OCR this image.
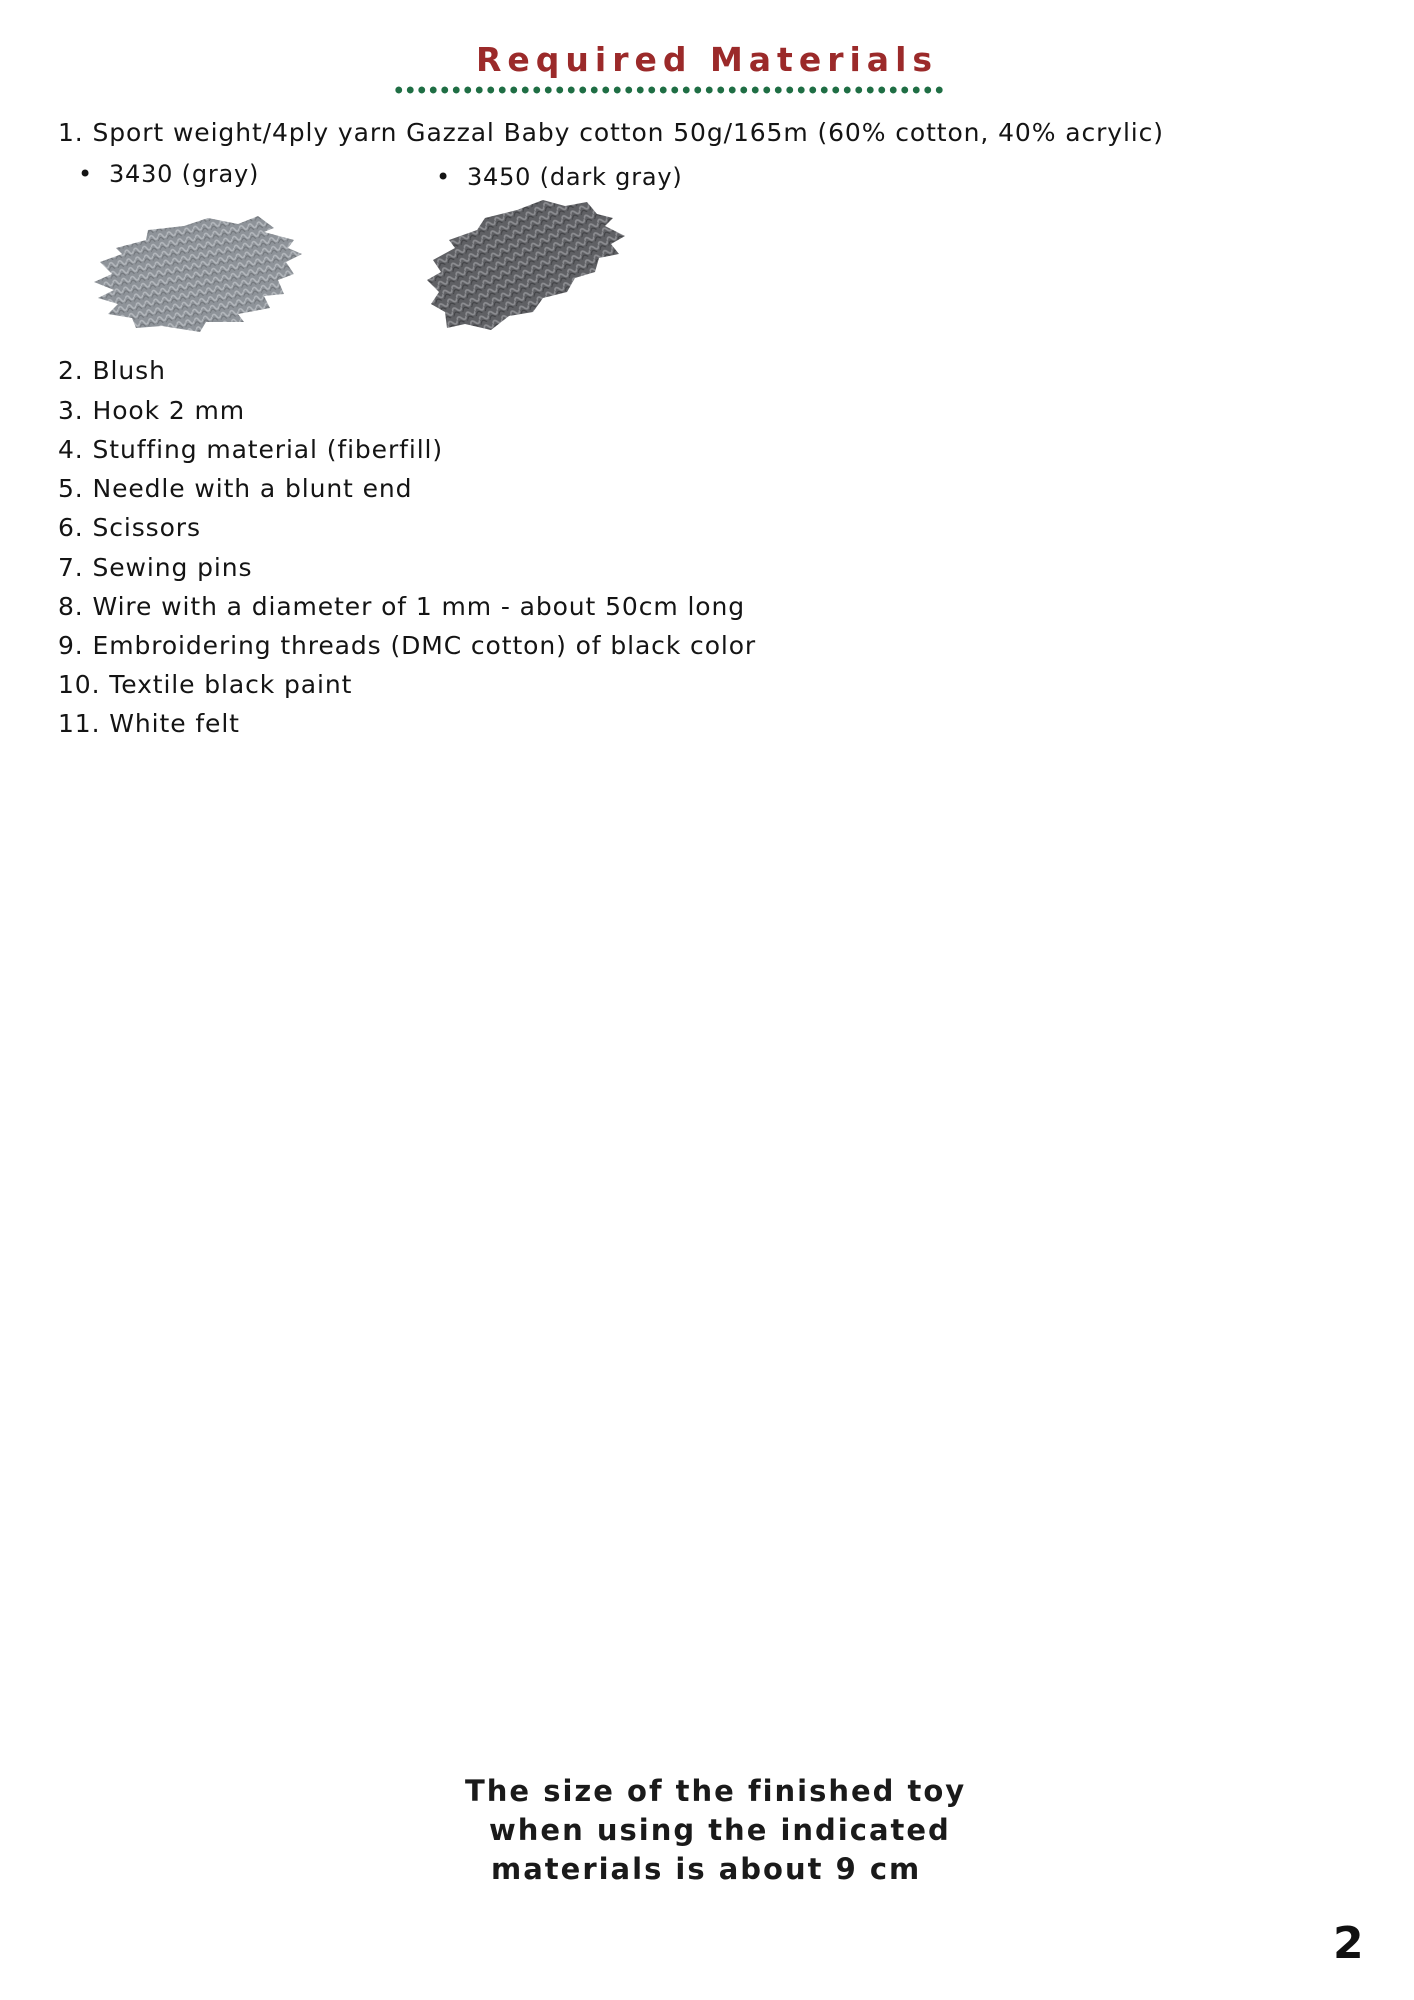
Required Materials
1. Sport weight/4ply yarn Gazzal Baby cotton 50g/165m (60% cotton, 40% acrylic)
• 3430 (gray)	• 3450 (dark gray)
2. Blush
3. Hook 2 mm
4. Stuffing material (fiberfill)
5. Needle with a blunt end
6. Scissors
7. Sewing pins
8. Wire with a diameter of 1 mm - about 50cm long
9. Embroidering threads (DMC cotton) of black color
10. Textile black paint
11. White felt
The size of the finished toy
when using the indicated
materials is about 9 cm
2
